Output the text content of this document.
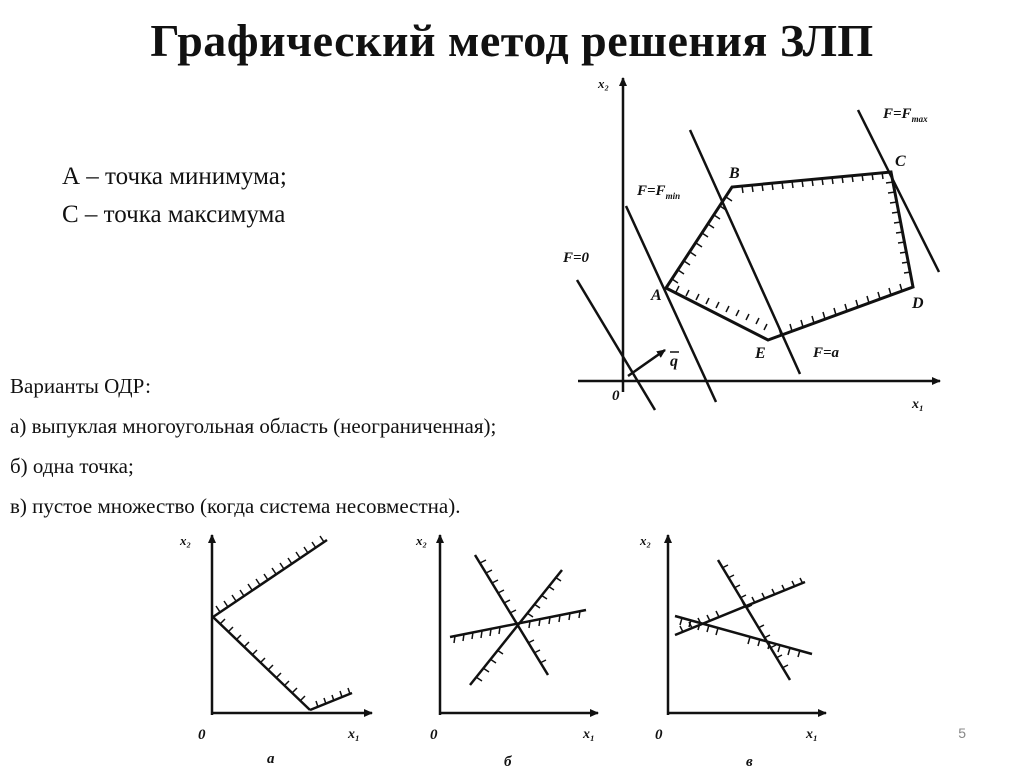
Графический метод решения ЗЛП
А – точка минимума;
С – точка максимума
Варианты ОДР:
а) выпуклая многоугольная область (неограниченная);
б) одна точка;
в) пустое множество (когда система несовместна).
5
x₁
x₂
0
q
A
B
C
D
E
F=0
$F=F_{min}$
$F=F_{max}$
F=a
x₂
x₁
0
а
x₂
x₁
0
б
x₂
x₁
0
в
